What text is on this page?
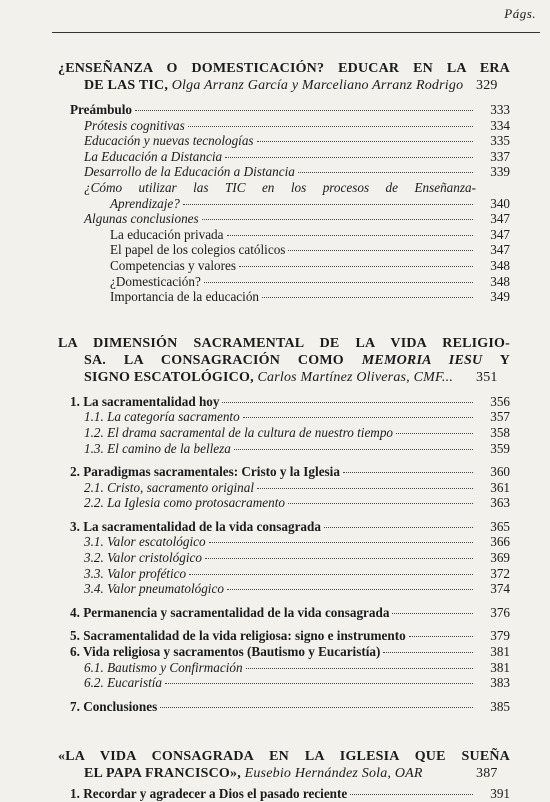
Págs.
¿ENSEÑANZA O DOMESTICACIÓN? EDUCAR EN LA ERA
DE LAS TIC, Olga Arranz García y Marceliano Arranz Rodrigo 329
Preámbulo	333
Prótesis cognitivas	334
Educación y nuevas tecnologías	335
La Educación a Distancia	337
Desarrollo de la Educación a Distancia	339
¿Cómo utilizar las TIC en los procesos de Enseñanza-
Aprendizaje?	340
Algunas conclusiones	347
La educación privada	347
El papel de los colegios católicos	347
Competencias y valores	348
¿Domesticación?	348
Importancia de la educación	349
LA DIMENSIÓN SACRAMENTAL DE LA VIDA RELIGIO-
SA. LA CONSAGRACIÓN COMO MEMORIA IESU Y
SIGNO ESCATOLÓGICO, Carlos Martínez Oliveras, CMF...	351
1. La sacramentalidad hoy	356
1.1. La categoría sacramento	357
1.2. El drama sacramental de la cultura de nuestro tiempo	358
1.3. El camino de la belleza	359
2. Paradigmas sacramentales: Cristo y la Iglesia	360
2.1. Cristo, sacramento original	361
2.2. La Iglesia como protosacramento	363
3. La sacramentalidad de la vida consagrada	365
3.1. Valor escatológico	366
3.2. Valor cristológico	369
3.3. Valor profético	372
3.4. Valor pneumatológico	374
4. Permanencia y sacramentalidad de la vida consagrada	376
5. Sacramentalidad de la vida religiosa: signo e instrumento	379
6. Vida religiosa y sacramentos (Bautismo y Eucaristía)	381
6.1. Bautismo y Confirmación	381
6.2. Eucaristía	383
7. Conclusiones	385
«LA VIDA CONSAGRADA EN LA IGLESIA QUE SUEÑA
EL PAPA FRANCISCO», Eusebio Hernández Sola, OAR	387
1. Recordar y agradecer a Dios el pasado reciente	391
